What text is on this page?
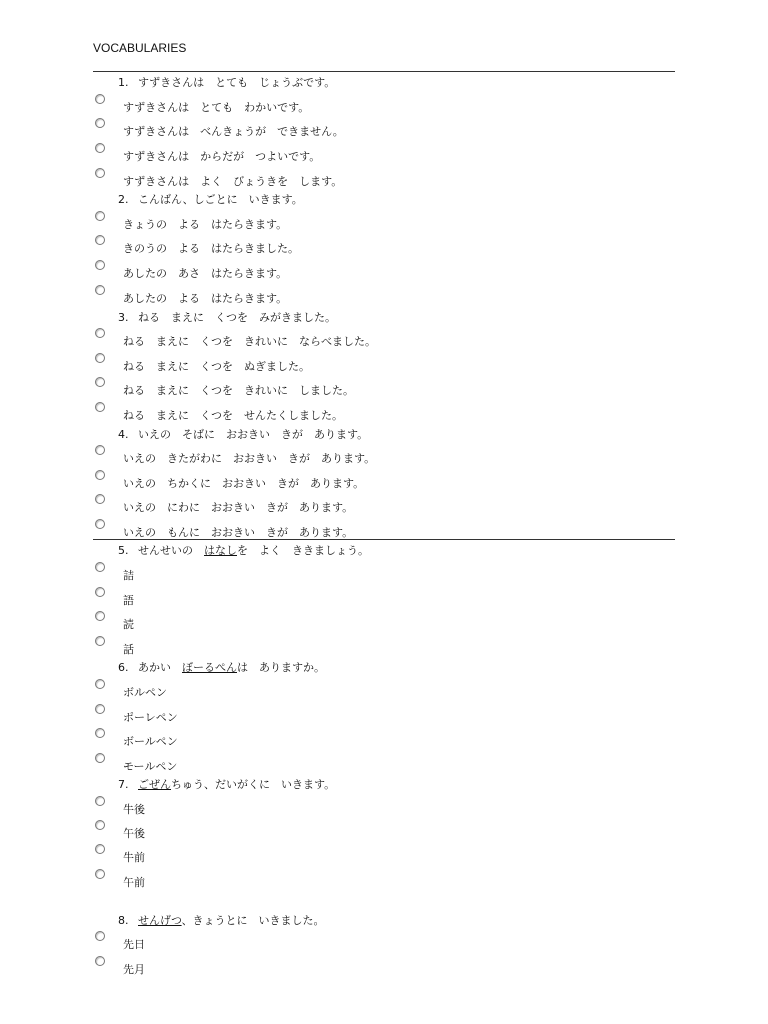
VOCABULARIES
1. すずきさんは　とても　じょうぶです。
すずきさんは　とても　わかいです。
すずきさんは　べんきょうが　できません。
すずきさんは　からだが　つよいです。
すずきさんは　よく　びょうきを　します。
2. こんばん、しごとに　いきます。
きょうの　よる　はたらきます。
きのうの　よる　はたらきました。
あしたの　あさ　はたらきます。
あしたの　よる　はたらきます。
3. ねる　まえに　くつを　みがきました。
ねる　まえに　くつを　きれいに　ならべました。
ねる　まえに　くつを　ぬぎました。
ねる　まえに　くつを　きれいに　しました。
ねる　まえに　くつを　せんたくしました。
4. いえの　そばに　おおきい　きが　あります。
いえの　きたがわに　おおきい　きが　あります。
いえの　ちかくに　おおきい　きが　あります。
いえの　にわに　おおきい　きが　あります。
いえの　もんに　おおきい　きが　あります。
5. せんせいの　はなしを　よく　ききましょう。
詰
語
読
話
6. あかい　ぼーるぺんは　ありますか。
ボルペン
ポーレペン
ボールペン
モールペン
7. ごぜんちゅう、だいがくに　いきます。
牛後
午後
牛前
午前
8. せんげつ、きょうとに　いきました。
先日
先月
